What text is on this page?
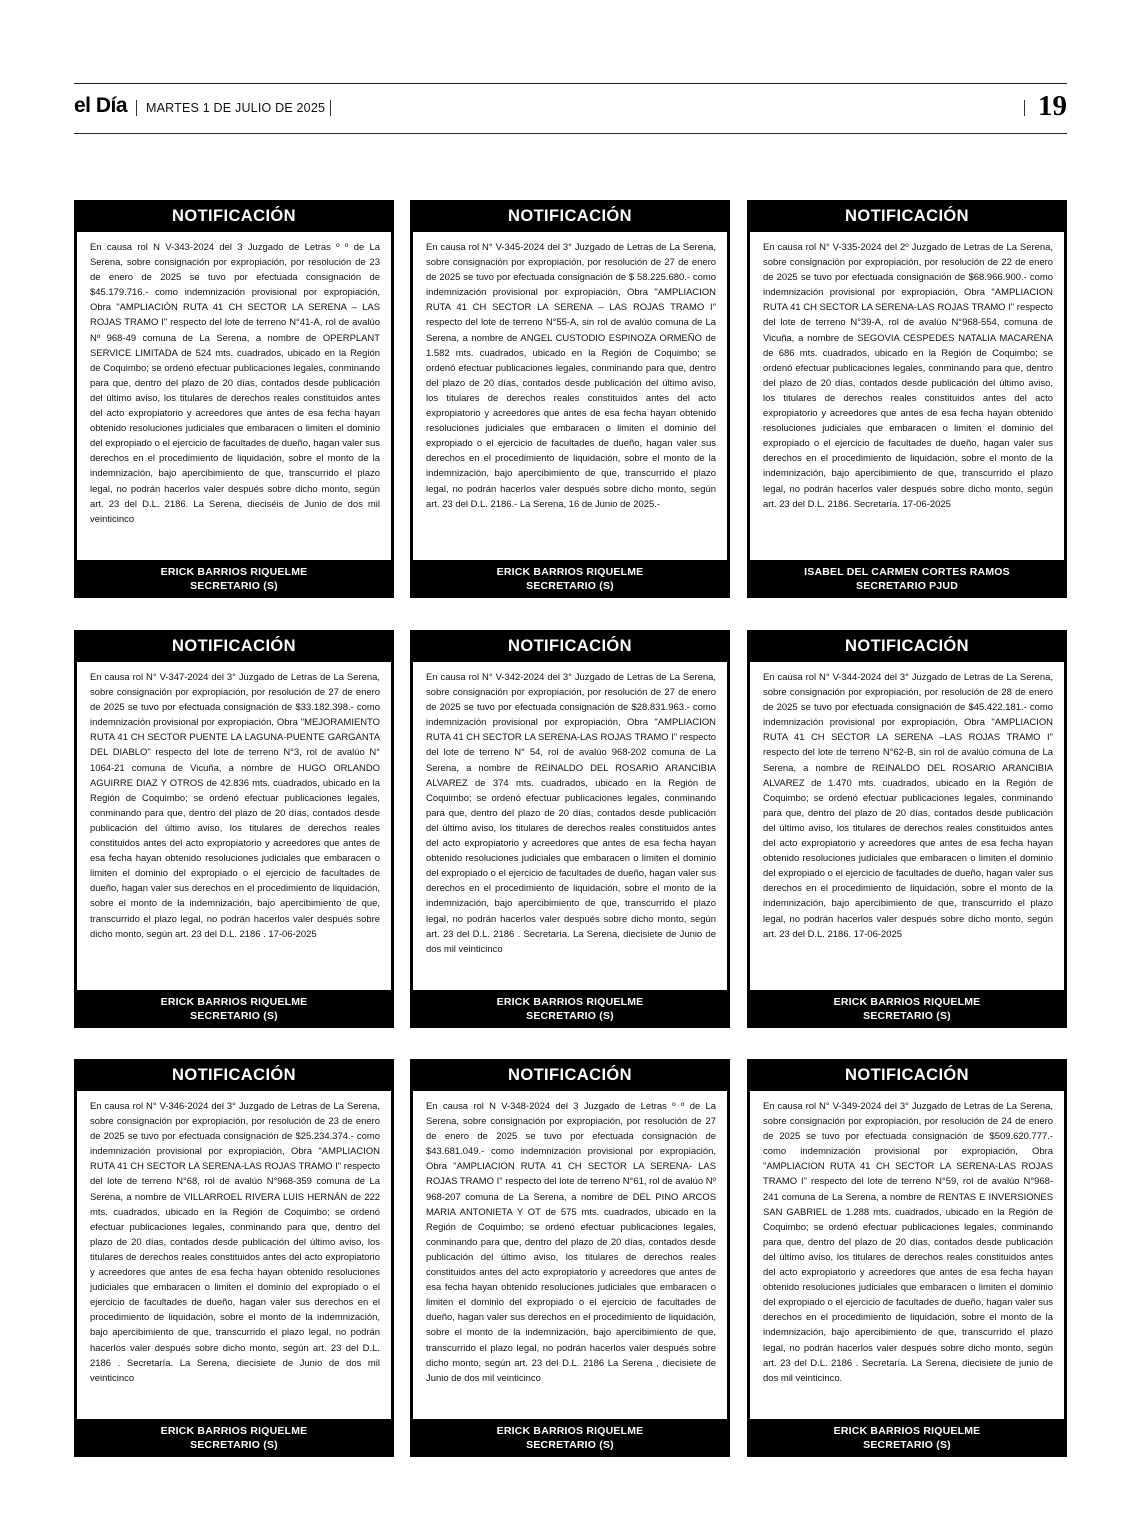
el Día MARTES 1 DE JULIO DE 2025	19
NOTIFICACIÓN
En causa rol N V-343-2024 del 3 Juzgado de Letras º º de La Serena, sobre consignación por expropiación, por resolución de 23 de enero de 2025 se tuvo por efectuada consignación de $45.179.716.- como indemnización provisional por expropiación, Obra "AMPLIACIÓN RUTA 41 CH SECTOR LA SERENA – LAS ROJAS TRAMO I" respecto del lote de terreno N°41-A, rol de avalúo Nº 968-49 comuna de La Serena, a nombre de OPERPLANT SERVICE LIMITADA de 524 mts. cuadrados, ubicado en la Región de Coquimbo; se ordenó efectuar publicaciones legales, conminando para que, dentro del plazo de 20 días, contados desde publicación del último aviso, los titulares de derechos reales constituidos antes del acto expropiatorio y acreedores que antes de esa fecha hayan obtenido resoluciones judiciales que embaracen o limiten el dominio del expropiado o el ejercicio de facultades de dueño, hagan valer sus derechos en el procedimiento de liquidación, sobre el monto de la indemnización, bajo apercibimiento de que, transcurrido el plazo legal, no podrán hacerlos valer después sobre dicho monto, según art. 23 del D.L. 2186. La Serena, dieciséis de Junio de dos mil veinticinco
ERICK BARRIOS RIQUELME
SECRETARIO (S)
NOTIFICACIÓN
En causa rol N° V-345-2024 del 3° Juzgado de Letras de La Serena, sobre consignación por expropiación, por resolución de 27 de enero de 2025 se tuvo por efectuada consignación de $ 58.225.680.- como indemnización provisional por expropiación, Obra "AMPLIACION RUTA 41 CH SECTOR LA SERENA – LAS ROJAS TRAMO I" respecto del lote de terreno N°55-A, sin rol de avalúo comuna de La Serena, a nombre de ANGEL CUSTODIO ESPINOZA ORMEÑO de 1.582 mts. cuadrados, ubicado en la Región de Coquimbo; se ordenó efectuar publicaciones legales, conminando para que, dentro del plazo de 20 días, contados desde publicación del último aviso, los titulares de derechos reales constituidos antes del acto expropiatorio y acreedores que antes de esa fecha hayan obtenido resoluciones judiciales que embaracen o limiten el dominio del expropiado o el ejercicio de facultades de dueño, hagan valer sus derechos en el procedimiento de liquidación, sobre el monto de la indemnización, bajo apercibimiento de que, transcurrido el plazo legal, no podrán hacerlos valer después sobre dicho monto, según art. 23 del D.L. 2186.- La Serena, 16 de Junio de 2025.-
ERICK BARRIOS RIQUELME
SECRETARIO (S)
NOTIFICACIÓN
En causa rol N° V-335-2024 del 2º Juzgado de Letras de La Serena, sobre consignación por expropiación, por resolución de 22 de enero de 2025 se tuvo por efectuada consignación de $68.966.900.- como indemnización provisional por expropiación, Obra "AMPLIACION RUTA 41 CH SECTOR LA SERENA-LAS ROJAS TRAMO I" respecto del lote de terreno N°39-A, rol de avalúo N°968-554, comuna de Vicuña, a nombre de SEGOVIA CESPEDES NATALIA MACARENA de 686 mts. cuadrados, ubicado en la Región de Coquimbo; se ordenó efectuar publicaciones legales, conminando para que, dentro del plazo de 20 días, contados desde publicación del último aviso, los titulares de derechos reales constituidos antes del acto expropiatorio y acreedores que antes de esa fecha hayan obtenido resoluciones judiciales que embaracen o limiten el dominio del expropiado o el ejercicio de facultades de dueño, hagan valer sus derechos en el procedimiento de liquidación, sobre el monto de la indemnización, bajo apercibimiento de que, transcurrido el plazo legal, no podrán hacerlos valer después sobre dicho monto, según art. 23 del D.L. 2186. Secretaría. 17-06-2025
ISABEL DEL CARMEN CORTES RAMOS
SECRETARIO PJUD
NOTIFICACIÓN
En causa rol N° V-347-2024 del 3° Juzgado de Letras de La Serena, sobre consignación por expropiación, por resolución de 27 de enero de 2025 se tuvo por efectuada consignación de $33.182.398.- como indemnización provisional por expropiación, Obra "MEJORAMIENTO RUTA 41 CH SECTOR PUENTE LA LAGUNA-PUENTE GARGANTA DEL DIABLO" respecto del lote de terreno N°3, rol de avalúo N° 1064-21 comuna de Vicuña, a nombre de HUGO ORLANDO AGUIRRE DIAZ Y OTROS de 42.836 mts. cuadrados, ubicado en la Región de Coquimbo; se ordenó efectuar publicaciones legales, conminando para que, dentro del plazo de 20 días, contados desde publicación del último aviso, los titulares de derechos reales constituidos antes del acto expropiatorio y acreedores que antes de esa fecha hayan obtenido resoluciones judiciales que embaracen o limiten el dominio del expropiado o el ejercicio de facultades de dueño, hagan valer sus derechos en el procedimiento de liquidación, sobre el monto de la indemnización, bajo apercibimiento de que, transcurrido el plazo legal, no podrán hacerlos valer después sobre dicho monto, según art. 23 del D.L. 2186 . 17-06-2025
ERICK BARRIOS RIQUELME
SECRETARIO (S)
NOTIFICACIÓN
En causa rol N° V-342-2024 del 3° Juzgado de Letras de La Serena, sobre consignación por expropiación, por resolución de 27 de enero de 2025 se tuvo por efectuada consignación de $28.831.963.- como indemnización provisional por expropiación, Obra "AMPLIACION RUTA 41 CH SECTOR LA SERENA-LAS ROJAS TRAMO I" respecto del lote de terreno N° 54, rol de avalúo 968-202 comuna de La Serena, a nombre de REINALDO DEL ROSARIO ARANCIBIA ALVAREZ de 374 mts. cuadrados, ubicado en la Región de Coquimbo; se ordenó efectuar publicaciones legales, conminando para que, dentro del plazo de 20 días, contados desde publicación del último aviso, los titulares de derechos reales constituidos antes del acto expropiatorio y acreedores que antes de esa fecha hayan obtenido resoluciones judiciales que embaracen o limiten el dominio del expropiado o el ejercicio de facultades de dueño, hagan valer sus derechos en el procedimiento de liquidación, sobre el monto de la indemnización, bajo apercibimiento de que, transcurrido el plazo legal, no podrán hacerlos valer después sobre dicho monto, según art. 23 del D.L. 2186 . Secretaría. La Serena, diecisiete de Junio de dos mil veinticinco
ERICK BARRIOS RIQUELME
SECRETARIO (S)
NOTIFICACIÓN
En causa rol N° V-344-2024 del 3° Juzgado de Letras de La Serena, sobre consignación por expropiación, por resolución de 28 de enero de 2025 se tuvo por efectuada consignación de $45.422.181.- como indemnización provisional por expropiación, Obra "AMPLIACION RUTA 41 CH SECTOR LA SERENA –LAS ROJAS TRAMO I" respecto del lote de terreno N°62-B, sin rol de avalúo comuna de La Serena, a nombre de REINALDO DEL ROSARIO ARANCIBIA ALVAREZ de 1.470 mts. cuadrados, ubicado en la Región de Coquimbo; se ordenó efectuar publicaciones legales, conminando para que, dentro del plazo de 20 días, contados desde publicación del último aviso, los titulares de derechos reales constituidos antes del acto expropiatorio y acreedores que antes de esa fecha hayan obtenido resoluciones judiciales que embaracen o limiten el dominio del expropiado o el ejercicio de facultades de dueño, hagan valer sus derechos en el procedimiento de liquidación, sobre el monto de la indemnización, bajo apercibimiento de que, transcurrido el plazo legal, no podrán hacerlos valer después sobre dicho monto, según art. 23 del D.L. 2186. 17-06-2025
ERICK BARRIOS RIQUELME
SECRETARIO (S)
NOTIFICACIÓN
En causa rol N° V-346-2024 del 3° Juzgado de Letras de La Serena, sobre consignación por expropiación, por resolución de 23 de enero de 2025 se tuvo por efectuada consignación de $25.234.374.- como indemnización provisional por expropiación, Obra "AMPLIACION RUTA 41 CH SECTOR LA SERENA-LAS ROJAS TRAMO I" respecto del lote de terreno N°68, rol de avalúo N°968-359 comuna de La Serena, a nombre de VILLARROEL RIVERA LUIS HERNÁN de 222 mts. cuadrados, ubicado en la Región de Coquimbo; se ordenó efectuar publicaciones legales, conminando para que, dentro del plazo de 20 días, contados desde publicación del último aviso, los titulares de derechos reales constituidos antes del acto expropiatorio y acreedores que antes de esa fecha hayan obtenido resoluciones judiciales que embaracen o limiten el dominio del expropiado o el ejercicio de facultades de dueño, hagan valer sus derechos en el procedimiento de liquidación, sobre el monto de la indemnización, bajo apercibimiento de que, transcurrido el plazo legal, no podrán hacerlos valer después sobre dicho monto, según art. 23 del D.L. 2186 . Secretaría. La Serena, diecisiete de Junio de dos mil veinticinco
ERICK BARRIOS RIQUELME
SECRETARIO (S)
NOTIFICACIÓN
En causa rol N V-348-2024 del 3 Juzgado de Letras º º de La Serena, sobre consignación por expropiación, por resolución de 27 de enero de 2025 se tuvo por efectuada consignación de $43.681.049.- como indemnización provisional por expropiación, Obra "AMPLIACION RUTA 41 CH SECTOR LA SERENA- LAS ROJAS TRAMO I" respecto del lote de terreno N°61, rol de avalúo Nº 968-207 comuna de La Serena, a nombre de DEL PINO ARCOS MARIA ANTONIETA Y OT de 575 mts. cuadrados, ubicado en la Región de Coquimbo; se ordenó efectuar publicaciones legales, conminando para que, dentro del plazo de 20 días, contados desde publicación del último aviso, los titulares de derechos reales constituidos antes del acto expropiatorio y acreedores que antes de esa fecha hayan obtenido resoluciones judiciales que embaracen o limiten el dominio del expropiado o el ejercicio de facultades de dueño, hagan valer sus derechos en el procedimiento de liquidación, sobre el monto de la indemnización, bajo apercibimiento de que, transcurrido el plazo legal, no podrán hacerlos valer después sobre dicho monto, según art. 23 del D.L. 2186 La Serena , diecisiete de Junio de dos mil veinticinco
ERICK BARRIOS RIQUELME
SECRETARIO (S)
NOTIFICACIÓN
En causa rol N° V-349-2024 del 3° Juzgado de Letras de La Serena, sobre consignación por expropiación, por resolución de 24 de enero de 2025 se tuvo por efectuada consignación de $509.620.777.- como indemnización provisional por expropiación, Obra "AMPLIACION RUTA 41 CH SECTOR LA SERENA-LAS ROJAS TRAMO I" respecto del lote de terreno N°59, rol de avalúo N°968-241 comuna de La Serena, a nombre de RENTAS E INVERSIONES SAN GABRIEL de 1.288 mts. cuadrados, ubicado en la Región de Coquimbo; se ordenó efectuar publicaciones legales, conminando para que, dentro del plazo de 20 días, contados desde publicación del último aviso, los titulares de derechos reales constituidos antes del acto expropiatorio y acreedores que antes de esa fecha hayan obtenido resoluciones judiciales que embaracen o limiten el dominio del expropiado o el ejercicio de facultades de dueño, hagan valer sus derechos en el procedimiento de liquidación, sobre el monto de la indemnización, bajo apercibimiento de que, transcurrido el plazo legal, no podrán hacerlos valer después sobre dicho monto, según art. 23 del D.L. 2186 . Secretaría. La Serena, diecisiete de junio de dos mil veinticinco.
ERICK BARRIOS RIQUELME
SECRETARIO (S)
